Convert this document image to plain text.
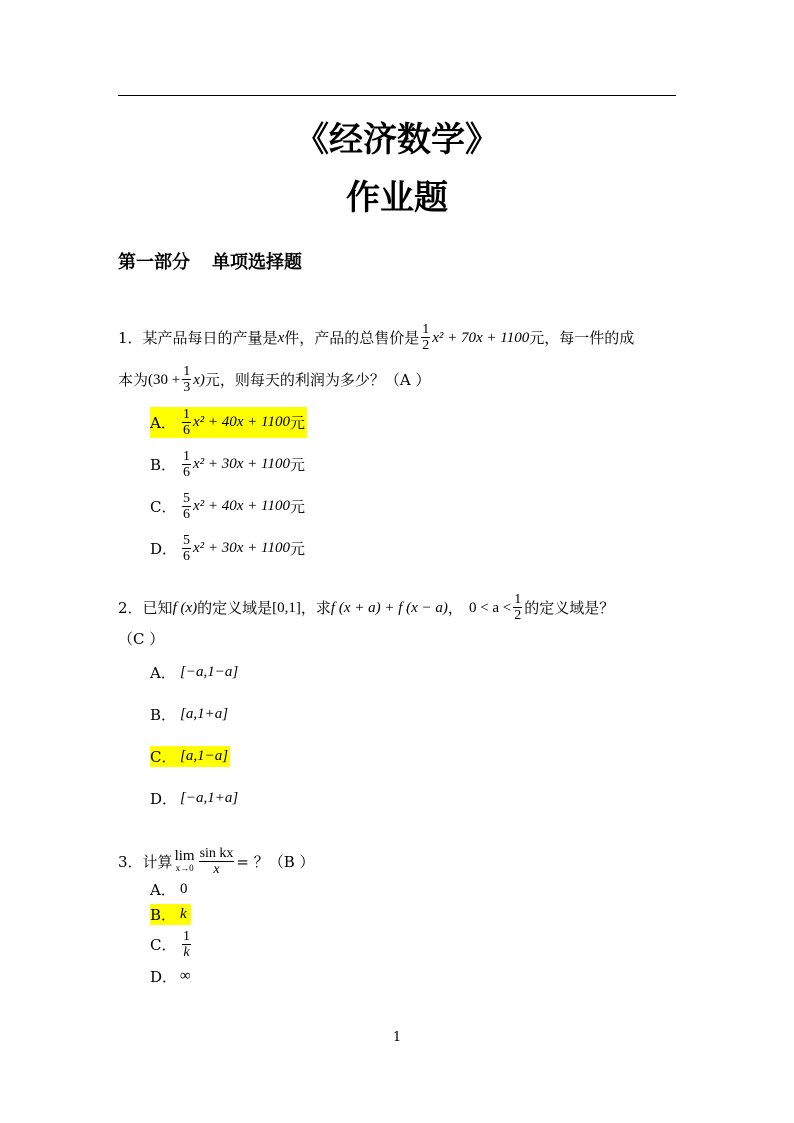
《经济数学》
作业题
第一部分 单项选择题
1． 某产品每日的产量是 x 件，产品的总售价是 $\frac{1}{2} x^2 + 70x + 1100$ 元，每一件的成
本为 $(30 + \frac{1}{3} x)$ 元，则每天的利润为多少？（A ）
A． $\frac{1}{6} x^2 + 40x + 1100$ 元
B． $\frac{1}{6} x^2 + 30x + 1100$ 元
C． $\frac{5}{6} x^2 + 40x + 1100$ 元
D． $\frac{5}{6} x^2 + 30x + 1100$ 元
2． 已知 f (x) 的定义域是 [0,1] ，求 f (x + a) + f (x − a) ， $0 < a < \frac{1}{2}$ 的定义域是？
（C ）
A． [−a,1−a]
B． [a,1+a]
C． [a,1−a]
D． [−a,1+a]
3． 计算 lim
$x\to 0 \frac{\text{sin kx}}{x}$ = ？（B ）
A． 0
B． k
C． $\frac{1}{k}$
D． ∞
1
